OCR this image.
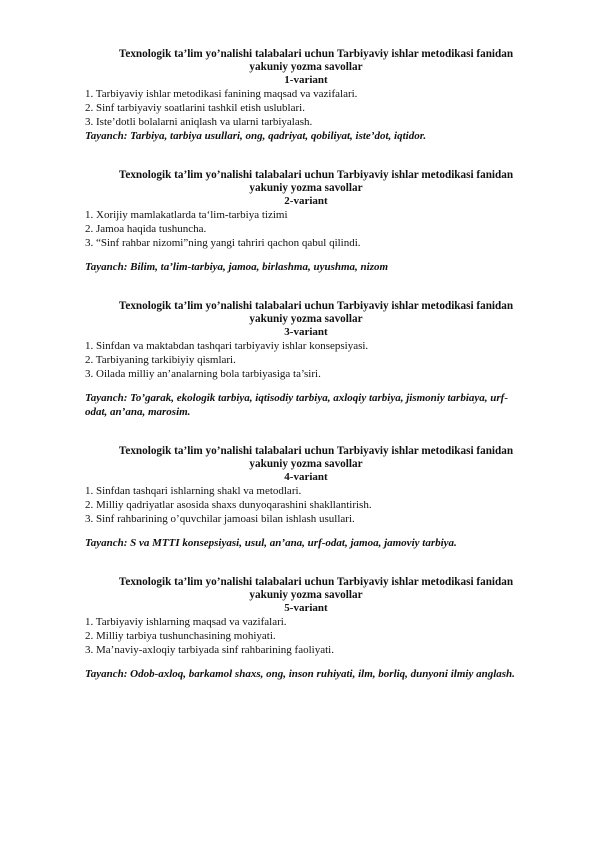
Texnologik ta’lim yo’nalishi talabalari uchun Tarbiyaviy ishlar metodikasi fanidan
yakuniy yozma savollar

1-variant

1. Tarbiyaviy ishlar metodikasi fanining maqsad va vazifalari.
2. Sinf tarbiyaviy soatlarini tashkil etish uslublari.
3. Iste’dotli bolalarni aniqlash va ularni tarbiyalash.

Tayanch: Tarbiya, tarbiya usullari, ong, qadriyat, qobiliyat, iste’dot, iqtidor.

Texnologik ta’lim yo’nalishi talabalari uchun Tarbiyaviy ishlar metodikasi fanidan
yakuniy yozma savollar

2-variant

1. Xorijiy mamlakatlarda ta‘lim-tarbiya tizimi
2. Jamoa haqida tushuncha.
3. “Sinf rahbar nizomi”ning yangi tahriri qachon qabul qilindi.

Tayanch: Bilim, ta’lim-tarbiya, jamoa, birlashma, uyushma, nizom

Texnologik ta’lim yo’nalishi talabalari uchun Tarbiyaviy ishlar metodikasi fanidan
yakuniy yozma savollar

3-variant

1. Sinfdan va maktabdan tashqari tarbiyaviy ishlar konsepsiyasi.
2. Tarbiyaning tarkibiyiy qismlari.
3. Oilada milliy an’analarning bola tarbiyasiga ta’siri.

Tayanch: To’garak, ekologik tarbiya, iqtisodiy tarbiya, axloqiy tarbiya, jismoniy tarbiaya, urf-odat, an’ana, marosim.

Texnologik ta’lim yo’nalishi talabalari uchun Tarbiyaviy ishlar metodikasi fanidan
yakuniy yozma savollar

4-variant

1. Sinfdan tashqari ishlarning shakl va metodlari.
2. Milliy qadriyatlar asosida shaxs dunyoqarashini shakllantirish.
3. Sinf rahbarining o’quvchilar jamoasi bilan ishlash usullari.

Tayanch: S va MTTI konsepsiyasi, usul, an’ana, urf-odat, jamoa, jamoviy tarbiya.

Texnologik ta’lim yo’nalishi talabalari uchun Tarbiyaviy ishlar metodikasi fanidan
yakuniy yozma savollar

5-variant

1. Tarbiyaviy ishlarning maqsad va vazifalari.
2. Milliy tarbiya tushunchasining mohiyati.
3. Ma’naviy-axloqiy tarbiyada sinf rahbarining faoliyati.

Tayanch: Odob-axloq, barkamol shaxs, ong, inson ruhiyati, ilm, borliq, dunyoni ilmiy anglash.
